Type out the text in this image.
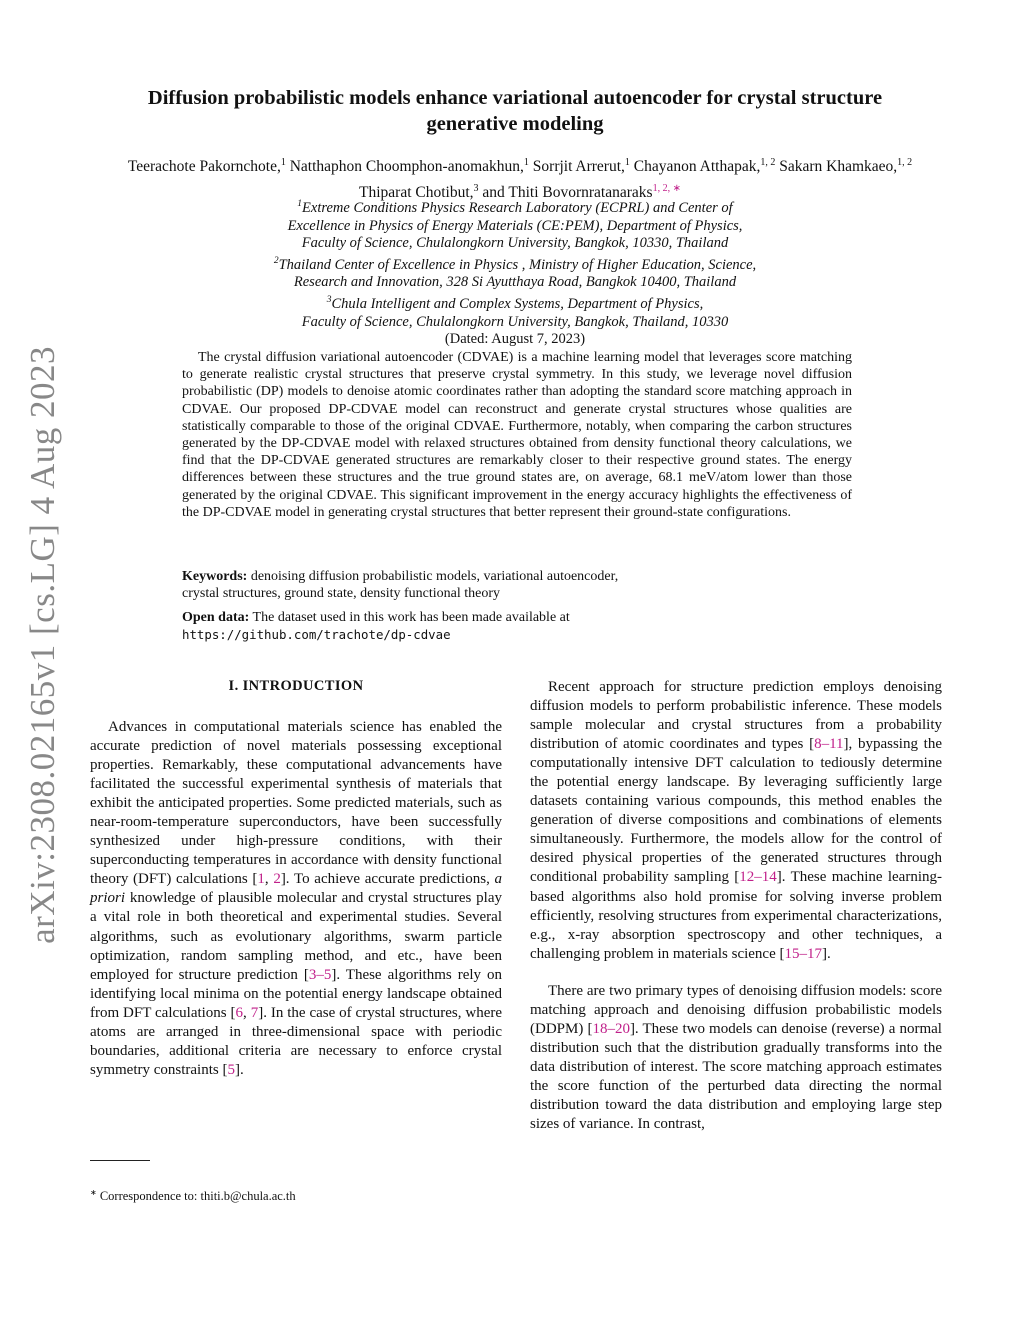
arXiv:2308.02165v1 [cs.LG] 4 Aug 2023
Diffusion probabilistic models enhance variational autoencoder for crystal structure
generative modeling
Teerachote Pakornchote,$^1$ Natthaphon Choomphon-anomakhun,$^1$ Sorrjit Arrerut,$^1$ Chayanon Atthapak,$^{1, 2}$ Sakarn Khamkaeo,$^{1, 2}$ Thiparat Chotibut,$^3$ and Thiti Bovornratanaraks$^{1, 2, ∗}$
$^1$Extreme Conditions Physics Research Laboratory (ECPRL) and Center of
Excellence in Physics of Energy Materials (CE:PEM), Department of Physics,
Faculty of Science, Chulalongkorn University, Bangkok, 10330, Thailand
$^2$Thailand Center of Excellence in Physics , Ministry of Higher Education, Science,
Research and Innovation, 328 Si Ayutthaya Road, Bangkok 10400, Thailand
$^3$Chula Intelligent and Complex Systems, Department of Physics,
Faculty of Science, Chulalongkorn University, Bangkok, Thailand, 10330
(Dated: August 7, 2023)
The crystal diffusion variational autoencoder (CDVAE) is a machine learning model that leverages score matching to generate realistic crystal structures that preserve crystal symmetry. In this study, we leverage novel diffusion probabilistic (DP) models to denoise atomic coordinates rather than adopting the standard score matching approach in CDVAE. Our proposed DP-CDVAE model can reconstruct and generate crystal structures whose qualities are statistically comparable to those of the original CDVAE. Furthermore, notably, when comparing the carbon structures generated by the DP-CDVAE model with relaxed structures obtained from density functional theory calculations, we find that the DP-CDVAE generated structures are remarkably closer to their respective ground states. The energy differences between these structures and the true ground states are, on average, 68.1 meV/atom lower than those generated by the original CDVAE. This significant improvement in the energy accuracy highlights the effectiveness of the DP-CDVAE model in generating crystal structures that better represent their ground-state configurations.
Keywords: denoising diffusion probabilistic models, variational autoencoder,
crystal structures, ground state, density functional theory
Open data: The dataset used in this work has been made available at
https://github.com/trachote/dp-cdvae
I. INTRODUCTION

Advances in computational materials science has enabled the accurate prediction of novel materials possessing exceptional properties. Remarkably, these computational advancements have facilitated the successful experimental synthesis of materials that exhibit the anticipated properties. Some predicted materials, such as near-room-temperature superconductors, have been successfully synthesized under high-pressure conditions, with their superconducting temperatures in accordance with density functional theory (DFT) calculations [1, 2]. To achieve accurate predictions, a priori knowledge of plausible molecular and crystal structures play a vital role in both theoretical and experimental studies. Several algorithms, such as evolutionary algorithms, swarm particle optimization, random sampling method, and etc., have been employed for structure prediction [3–5]. These algorithms rely on identifying local minima on the potential energy landscape obtained from DFT calculations [6, 7]. In the case of crystal structures, where atoms are arranged in three-dimensional space with periodic boundaries, additional criteria are necessary to enforce crystal symmetry constraints [5].

Recent approach for structure prediction employs denoising diffusion models to perform probabilistic inference. These models sample molecular and crystal structures from a probability distribution of atomic coordinates and types [8–11], bypassing the computationally intensive DFT calculation to tediously determine the potential energy landscape. By leveraging sufficiently large datasets containing various compounds, this method enables the generation of diverse compositions and combinations of elements simultaneously. Furthermore, the models allow for the control of desired physical properties of the generated structures through conditional probability sampling [12–14]. These machine learning-based algorithms also hold promise for solving inverse problem efficiently, resolving structures from experimental characterizations, e.g., x-ray absorption spectroscopy and other techniques, a challenging problem in materials science [15–17].

There are two primary types of denoising diffusion models: score matching approach and denoising diffusion probabilistic models (DDPM) [18–20]. These two models can denoise (reverse) a normal distribution such that the distribution gradually transforms into the data distribution of interest. The score matching approach estimates the score function of the perturbed data directing the normal distribution toward the data distribution and employing large step sizes of variance. In contrast,

∗ Correspondence to: thiti.b@chula.ac.th
